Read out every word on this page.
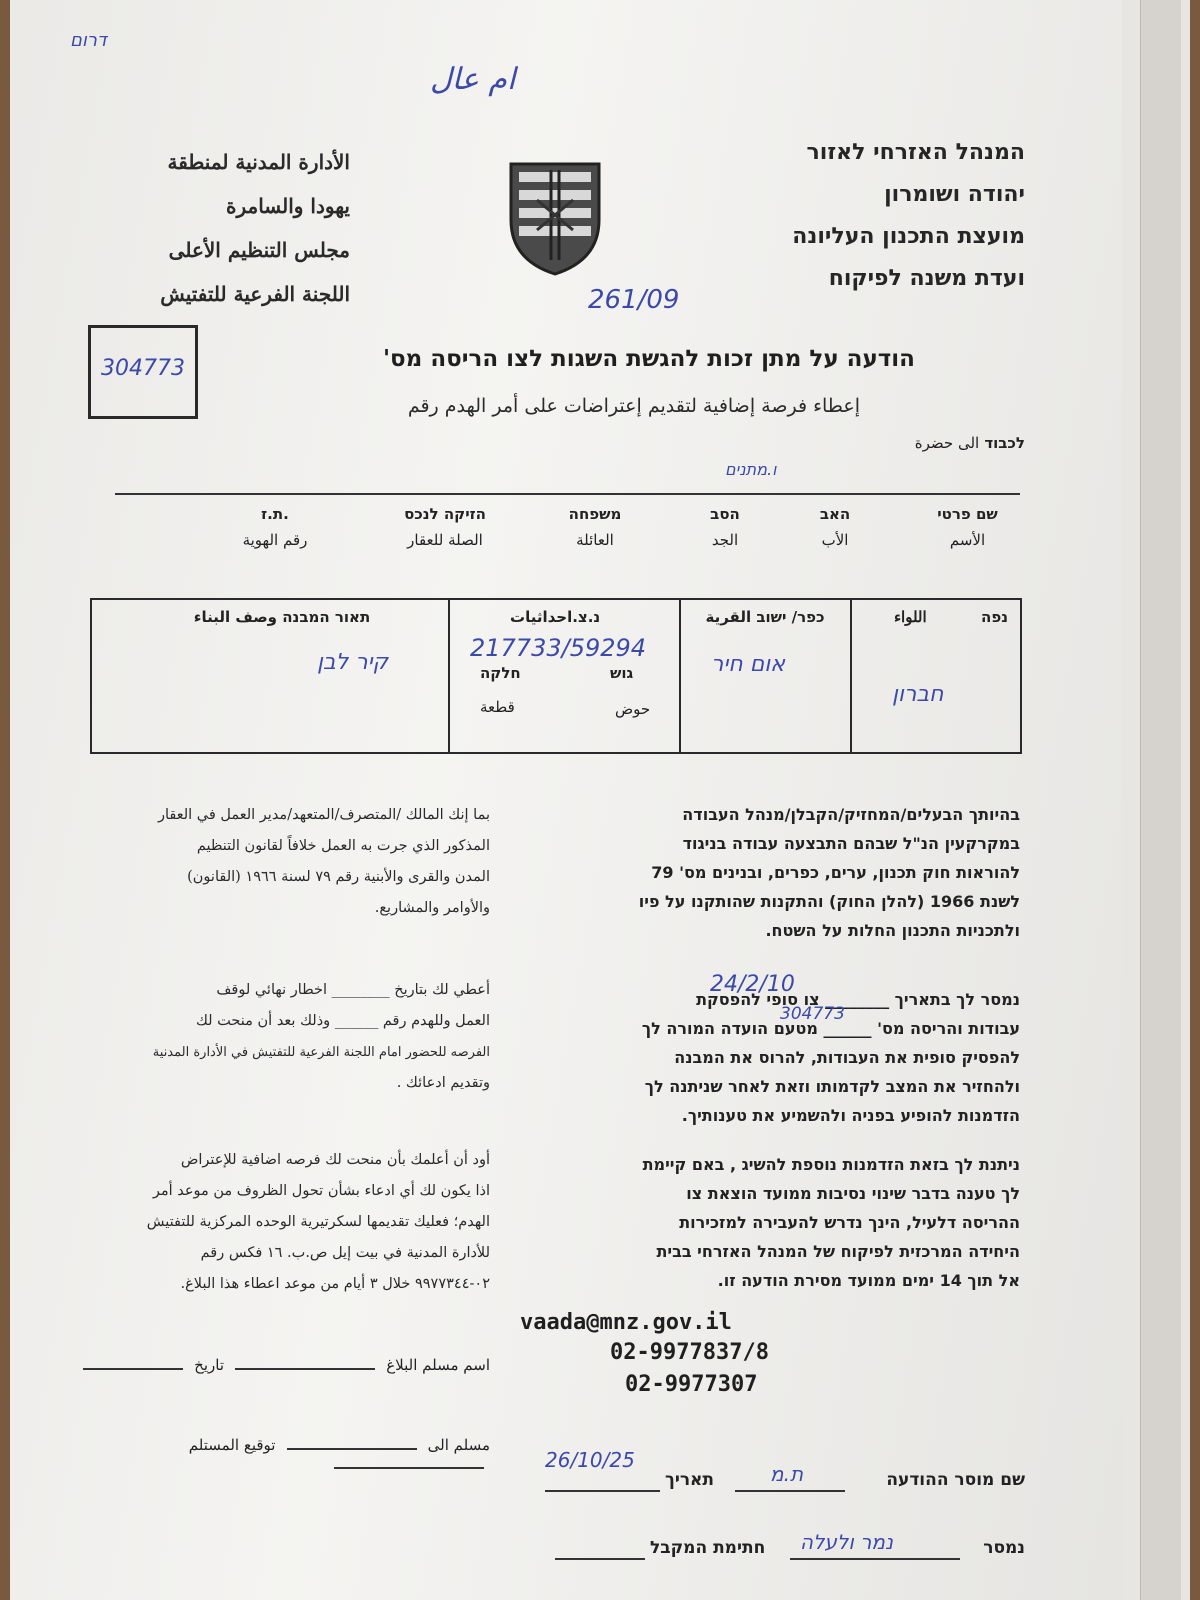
דרום
ام عال
الأدارة المدنية لمنطقة
يهودا والسامرة
مجلس التنظيم الأعلى
اللجنة الفرعية للتفتيش
המנהל האזרחי לאזור
יהודה ושומרון
מועצת התכנון העליונה
ועדת משנה לפיקוח
261/09
304773	הודעה על מתן זכות להגשת השגות לצו הריסה מס'
إعطاء فرصة إضافية لتقديم إعتراضات على أمر الهدم رقم
לכבוד الى حضرة
ו.מתנים
ת.ז.
رقم الهوية
הזיקה לנכס
الصلة للعقار
משפחה
العائلة
הסב
الجد
האב
الأب
שם פרטי
الأسم
נפה
اللواء
חברון
כפר/ ישוב القرية
אום חיר
נ.צ.احداثيات
217733/59294
גוש
חלקה
حوض
قطعة
תאור המבנה وصف البناء
קיר לבן
بما إنك المالك /المتصرف/المتعهد/مدير العمل في العقار
المذكور الذي جرت به العمل خلافاً لقانون التنظيم
المدن والقرى والأبنية رقم ٧٩ لسنة ١٩٦٦ (القانون)
والأوامر والمشاريع.
أعطي لك بتاريخ ________ اخطار نهائي لوقف
العمل وللهدم رقم ______ وذلك بعد أن منحت لك
الفرصه للحضور امام اللجنة الفرعية للتفتيش في الأدارة المدنية
وتقديم ادعائك .
أود أن أعلمك بأن منحت لك فرصه اضافية للإعتراض
اذا يكون لك أي ادعاء بشأن تحول الظروف من موعد أمر
الهدم؛ فعليك تقديمها لسكرتيرية الوحده المركزية للتفتيش
للأدارة المدنية في بيت إيل ص.ب. ١٦ فكس رقم
٠٢-٩٩٧٧٣٤٤ خلال ٣ أيام من موعد اعطاء هذا البلاغ.
בהיותך הבעלים/המחזיק/הקבלן/מנהל העבודה
במקרקעין הנ"ל שבהם התבצעה עבודה בניגוד
להוראות חוק תכנון, ערים, כפרים, ובנינים מס' 79
לשנת 1966 (להלן החוק) והתקנות שהותקנו על פיו
ולתכניות התכנון החלות על השטח.
נמסר לך בתאריך ________ צו סופי להפסקת
עבודות והריסה מס' ______ מטעם הועדה המורה לך
להפסיק סופית את העבודות, להרוס את המבנה
ולהחזיר את המצב לקדמותו וזאת לאחר שניתנה לך
הזדמנות להופיע בפניה ולהשמיע את טענותיך.
24/2/10
304773
ניתנת לך בזאת הזדמנות נוספת להשיג , באם קיימת
לך טענה בדבר שינוי נסיבות ממועד הוצאת צו
ההריסה דלעיל, הינך נדרש להעבירה למזכירות
היחידה המרכזית לפיקוח של המנהל האזרחי בבית
אל תוך 14 ימים ממועד מסירת הודעה זו.
vaada@mnz.gov.il
02-9977837/8
02-9977307
اسم مسلم البلاغ  تاريخ
مسلم الى  توقيع المستلم
שם מוסר ההודעה
ת.מ
תאריך
26/10/25
נמסר
נמר ולעלה
חתימת המקבל
